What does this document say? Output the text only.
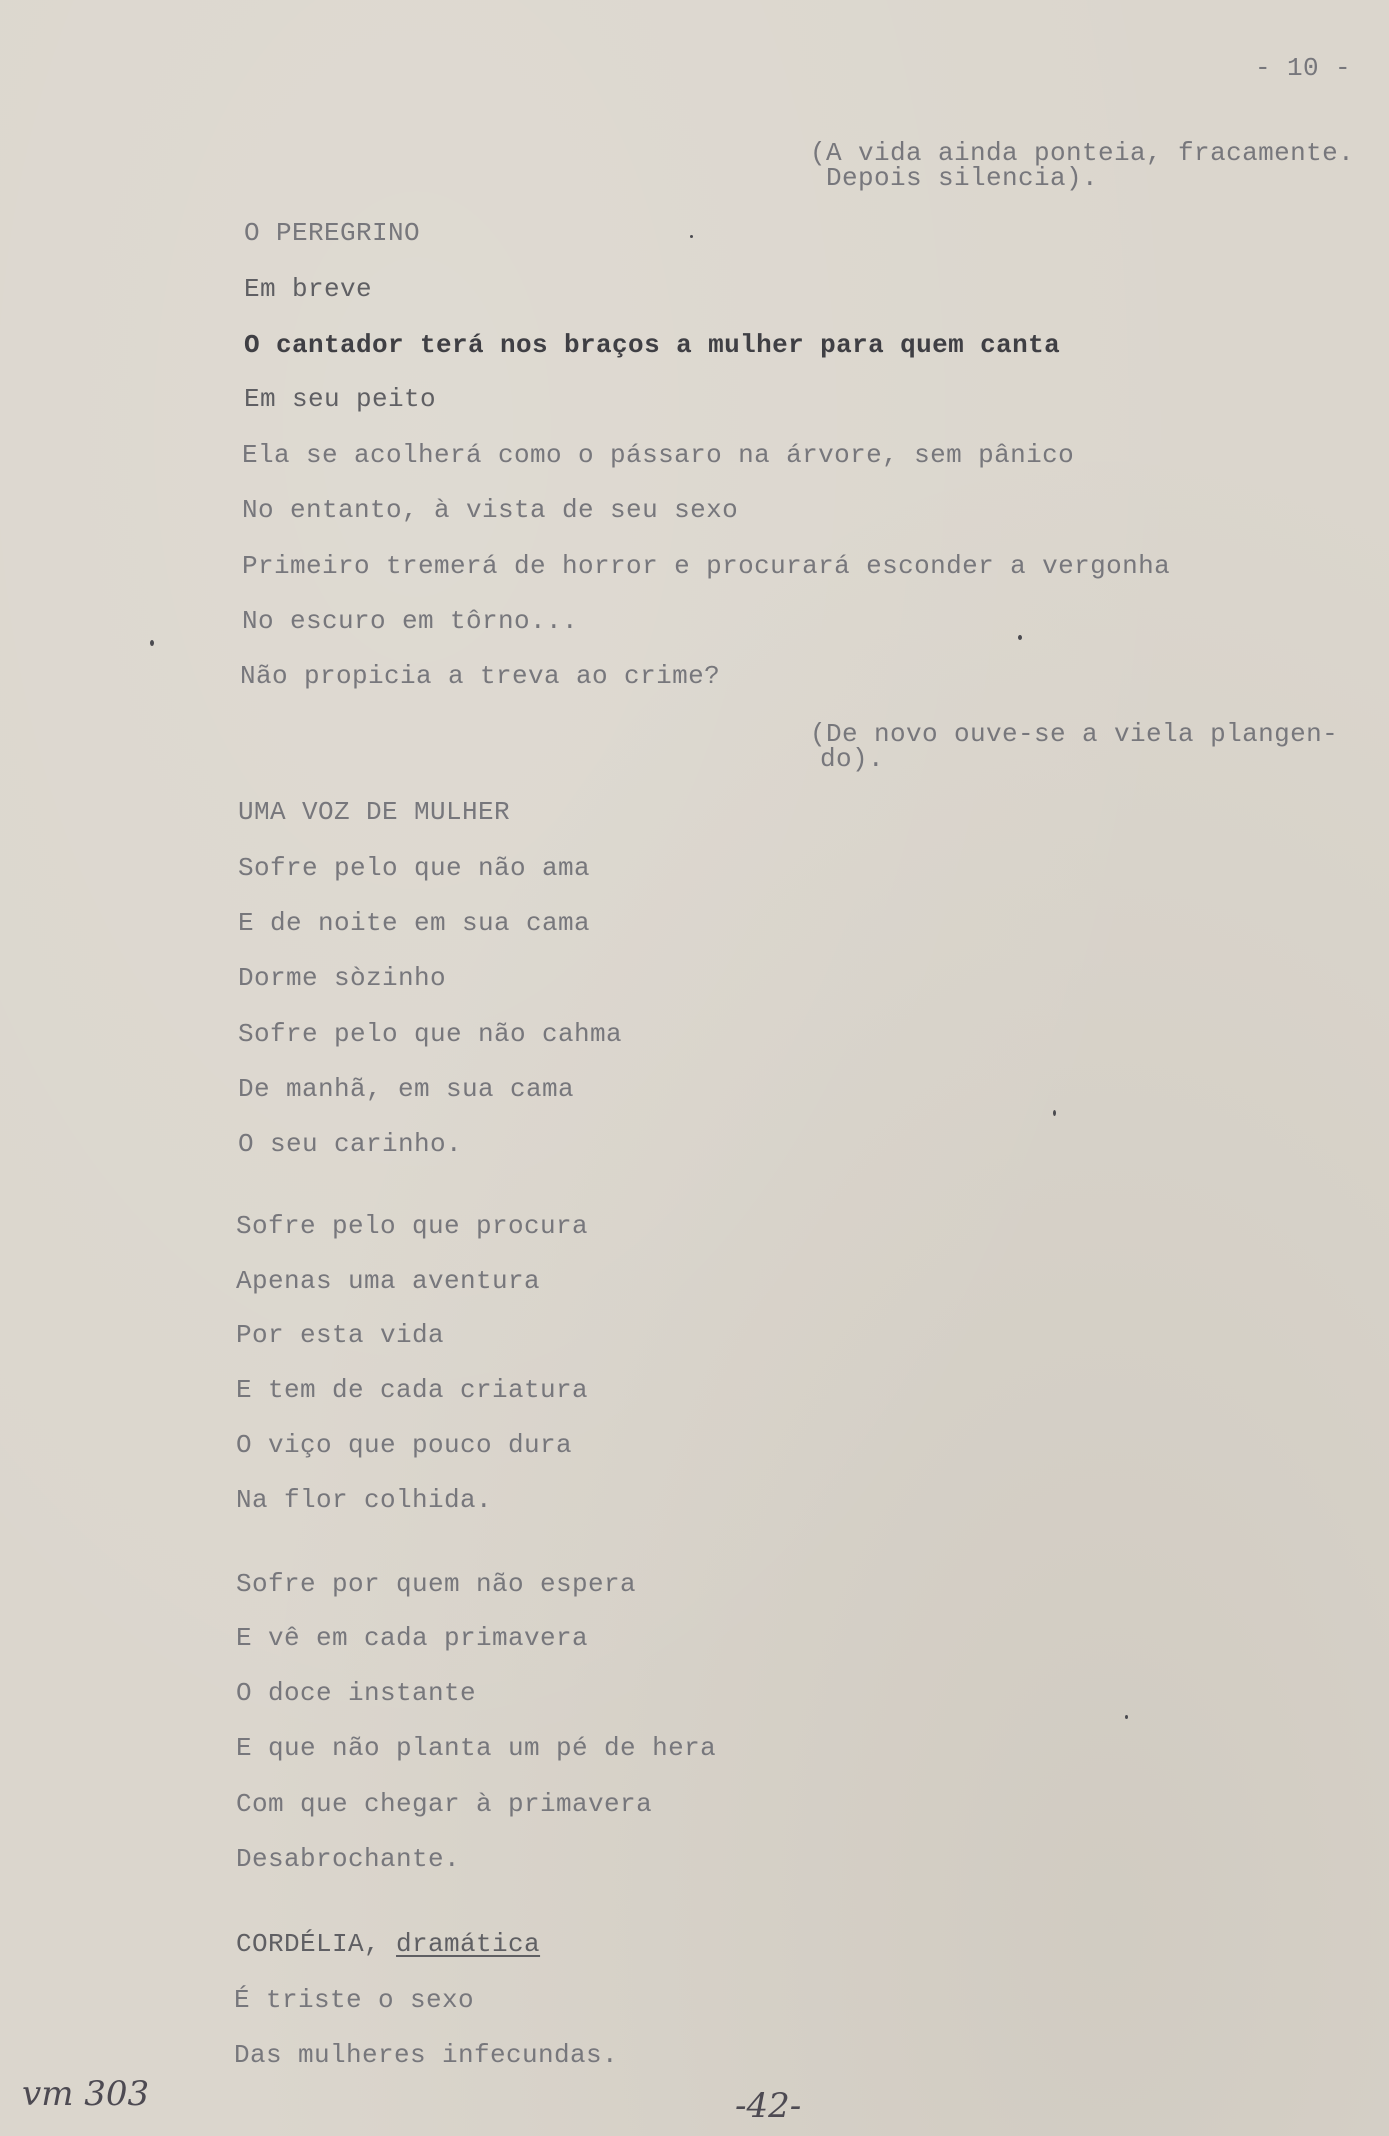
- 10 -
(A vida ainda ponteia, fracamente.
Depois silencia).
O PEREGRINO
Em breve
O cantador terá nos braços a mulher para quem canta
Em seu peito
Ela se acolherá como o pássaro na árvore, sem pânico
No entanto, à vista de seu sexo
Primeiro tremerá de horror e procurará esconder a vergonha
No escuro em tôrno...
Não propicia a treva ao crime?
(De novo ouve-se a viela plangen-
do).
UMA VOZ DE MULHER
Sofre pelo que não ama
E de noite em sua cama
Dorme sòzinho
Sofre pelo que não cahma
De manhã, em sua cama
O seu carinho.
Sofre pelo que procura
Apenas uma aventura
Por esta vida
E tem de cada criatura
O viço que pouco dura
Na flor colhida.
Sofre por quem não espera
E vê em cada primavera
O doce instante
E que não planta um pé de hera
Com que chegar à primavera
Desabrochante.
CORDÉLIA, dramática
É triste o sexo
Das mulheres infecundas.
vm 303	-42-
